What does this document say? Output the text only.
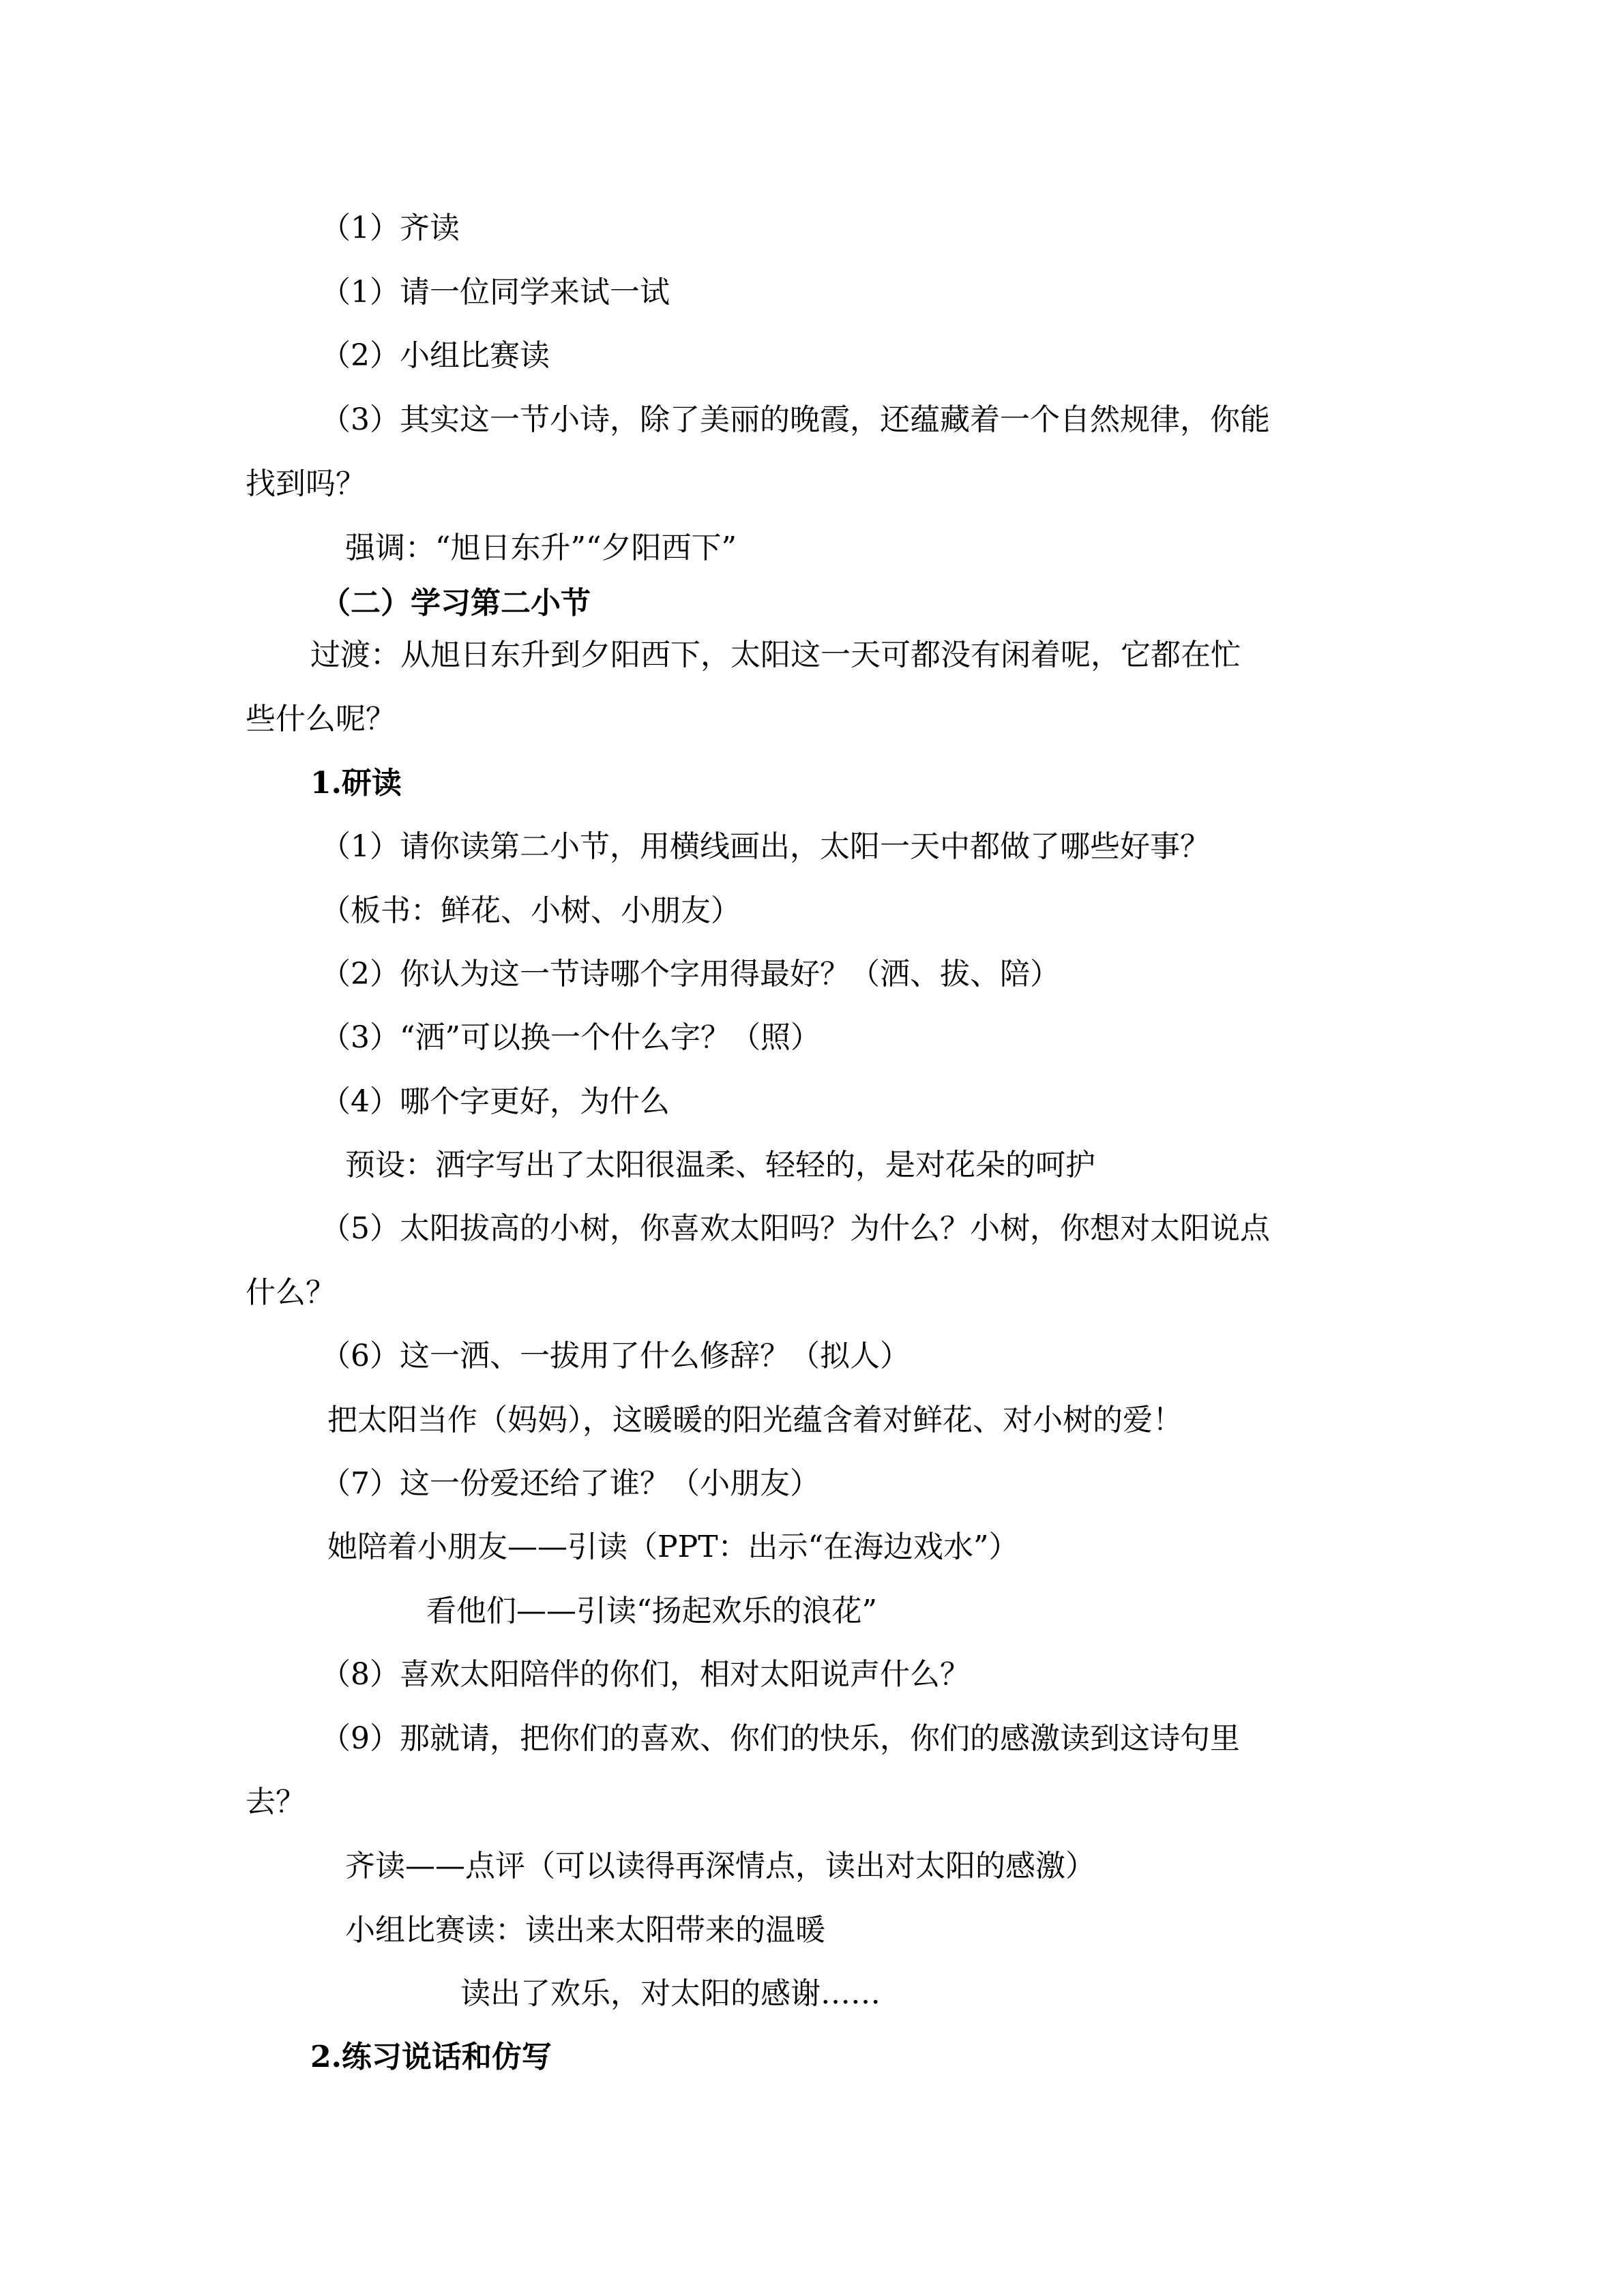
（1）齐读
（1）请一位同学来试一试
（2）小组比赛读
（3）其实这一节小诗，除了美丽的晚霞，还蕴藏着一个自然规律，你能
找到吗？
强调：“旭日东升”“夕阳西下”
（二）学习第二小节
过渡：从旭日东升到夕阳西下，太阳这一天可都没有闲着呢，它都在忙
些什么呢？
1.研读
（1）请你读第二小节，用横线画出，太阳一天中都做了哪些好事？
（板书：鲜花、小树、小朋友）
（2）你认为这一节诗哪个字用得最好？（洒、拔、陪）
（3）“洒”可以换一个什么字？（照）
（4）哪个字更好，为什么
预设：洒字写出了太阳很温柔、轻轻的，是对花朵的呵护
（5）太阳拔高的小树，你喜欢太阳吗？为什么？小树，你想对太阳说点
什么？
（6）这一洒、一拔用了什么修辞？（拟人）
把太阳当作（妈妈），这暖暖的阳光蕴含着对鲜花、对小树的爱！
（7）这一份爱还给了谁？（小朋友）
她陪着小朋友——引读（PPT：出示“在海边戏水”）
看他们——引读“扬起欢乐的浪花”
（8）喜欢太阳陪伴的你们，相对太阳说声什么？
（9）那就请，把你们的喜欢、你们的快乐，你们的感激读到这诗句里
去？
齐读——点评（可以读得再深情点，读出对太阳的感激）
小组比赛读：读出来太阳带来的温暖
读出了欢乐，对太阳的感谢……
2.练习说话和仿写
